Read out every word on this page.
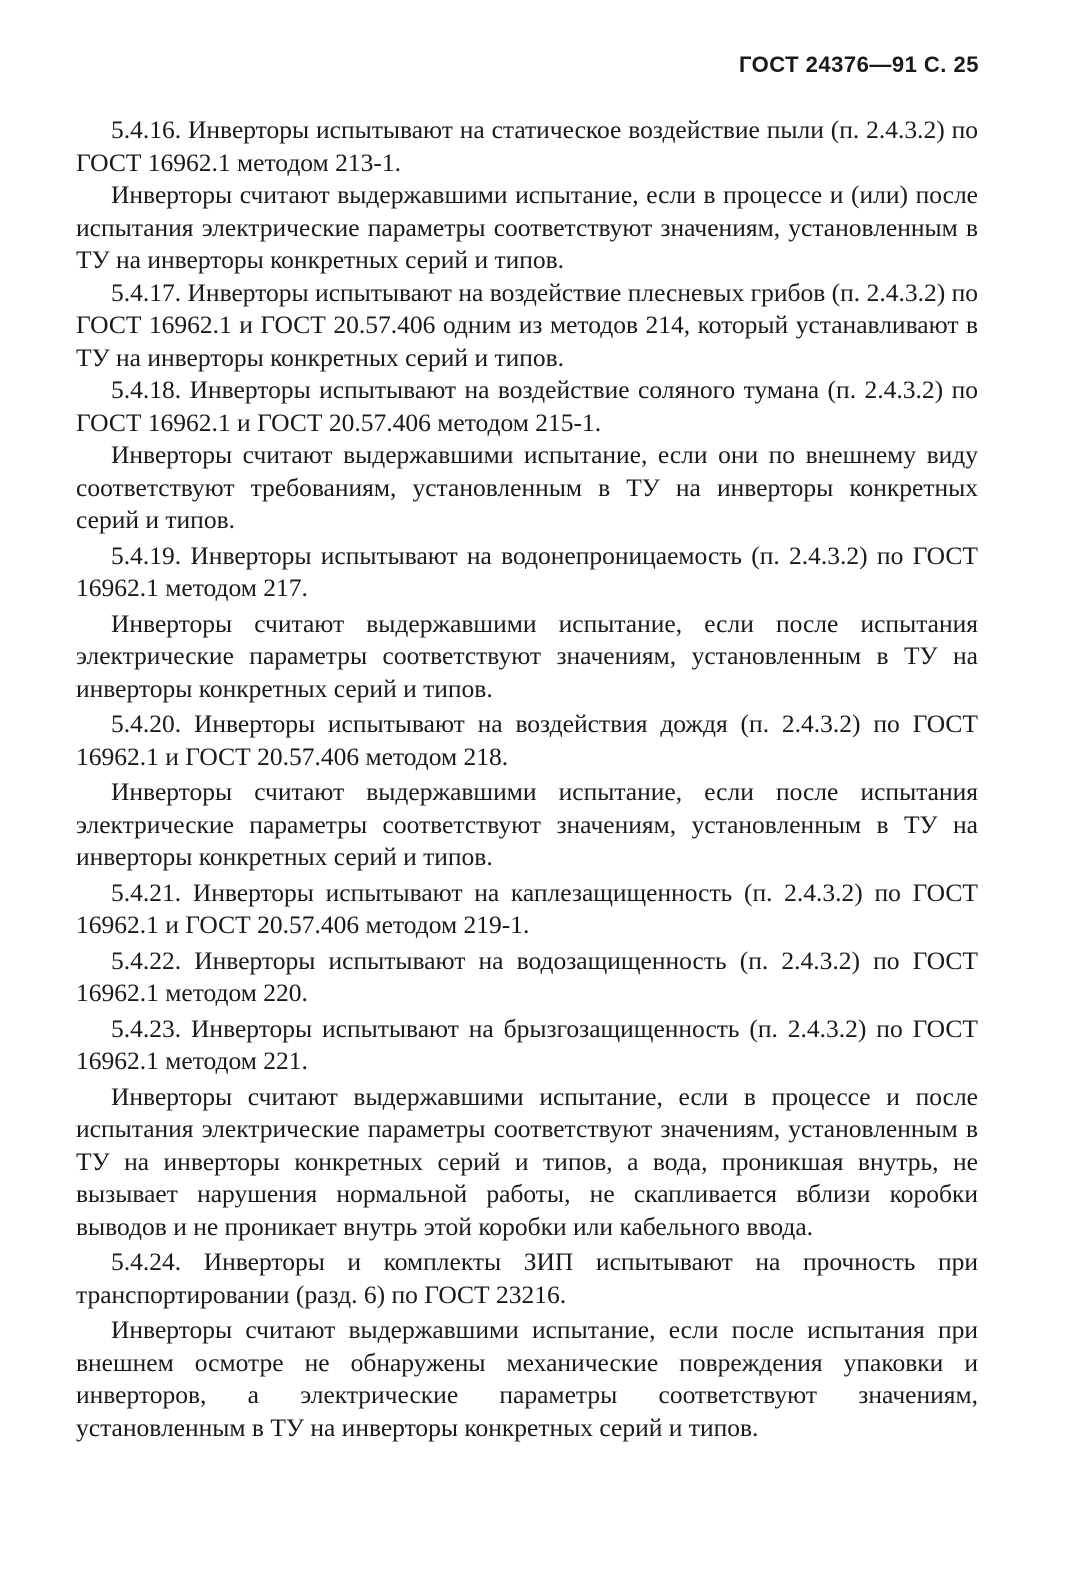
ГОСТ 24376—91 С. 25

5.4.16. Инверторы испытывают на статическое воздействие пыли (п. 2.4.3.2) по ГОСТ 16962.1 методом 213-1.

Инверторы считают выдержавшими испытание, если в процессе и (или) после испытания электрические параметры соответствуют значениям, установленным в ТУ на инверторы конкретных серий и типов.

5.4.17. Инверторы испытывают на воздействие плесневых грибов (п. 2.4.3.2) по ГОСТ 16962.1 и ГОСТ 20.57.406 одним из методов 214, который устанавливают в ТУ на инверторы конкретных серий и типов.

5.4.18. Инверторы испытывают на воздействие соляного тумана (п. 2.4.3.2) по ГОСТ 16962.1 и ГОСТ 20.57.406 методом 215-1.

Инверторы считают выдержавшими испытание, если они по внешнему виду соответствуют требованиям, установленным в ТУ на инверторы конкретных серий и типов.

5.4.19. Инверторы испытывают на водонепроницаемость (п. 2.4.3.2) по ГОСТ 16962.1 методом 217.

Инверторы считают выдержавшими испытание, если после испытания электрические параметры соответствуют значениям, установленным в ТУ на инверторы конкретных серий и типов.

5.4.20. Инверторы испытывают на воздействия дождя (п. 2.4.3.2) по ГОСТ 16962.1 и ГОСТ 20.57.406 методом 218.

Инверторы считают выдержавшими испытание, если после испытания электрические параметры соответствуют значениям, установленным в ТУ на инверторы конкретных серий и типов.

5.4.21. Инверторы испытывают на каплезащищенность (п. 2.4.3.2) по ГОСТ 16962.1 и ГОСТ 20.57.406 методом 219-1.

5.4.22. Инверторы испытывают на водозащищенность (п. 2.4.3.2) по ГОСТ 16962.1 методом 220.

5.4.23. Инверторы испытывают на брызгозащищенность (п. 2.4.3.2) по ГОСТ 16962.1 методом 221.

Инверторы считают выдержавшими испытание, если в процессе и после испытания электрические параметры соответствуют значениям, установленным в ТУ на инверторы конкретных серий и типов, а вода, проникшая внутрь, не вызывает нарушения нормальной работы, не скапливается вблизи коробки выводов и не проникает внутрь этой коробки или кабельного ввода.

5.4.24. Инверторы и комплекты ЗИП испытывают на прочность при транспортировании (разд. 6) по ГОСТ 23216.

Инверторы считают выдержавшими испытание, если после испытания при внешнем осмотре не обнаружены механические повреждения упаковки и инверторов, а электрические параметры соответствуют значениям, установленным в ТУ на инверторы конкретных серий и типов.
